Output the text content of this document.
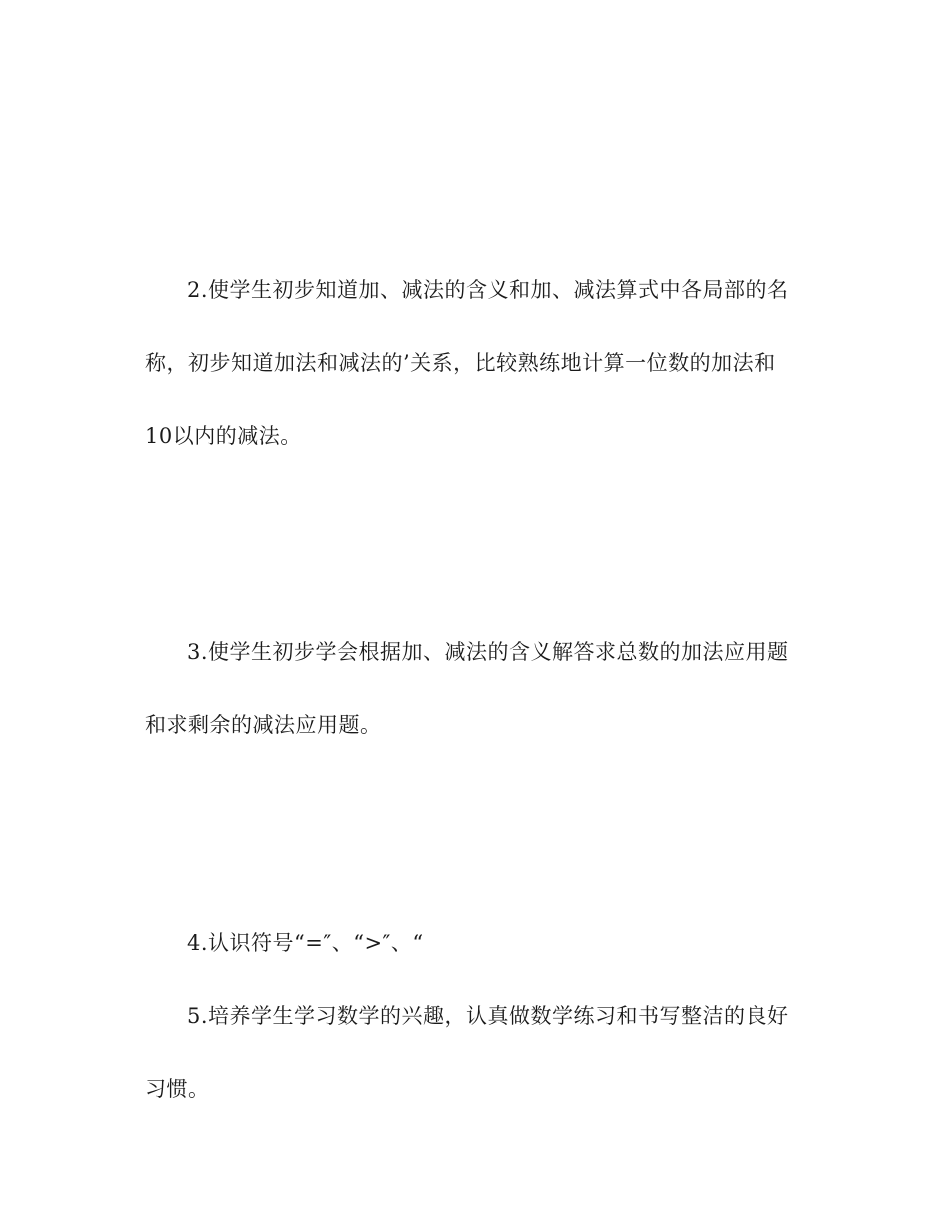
2.使学生初步知道加、减法的含义和加、减法算式中各局部的名
称，初步知道加法和减法的’关系，比较熟练地计算一位数的加法和
10以内的减法。
3.使学生初步学会根据加、减法的含义解答求总数的加法应用题
和求剩余的减法应用题。
4.认识符号“=″、“>″、“
5.培养学生学习数学的兴趣，认真做数学练习和书写整洁的良好
习惯。
